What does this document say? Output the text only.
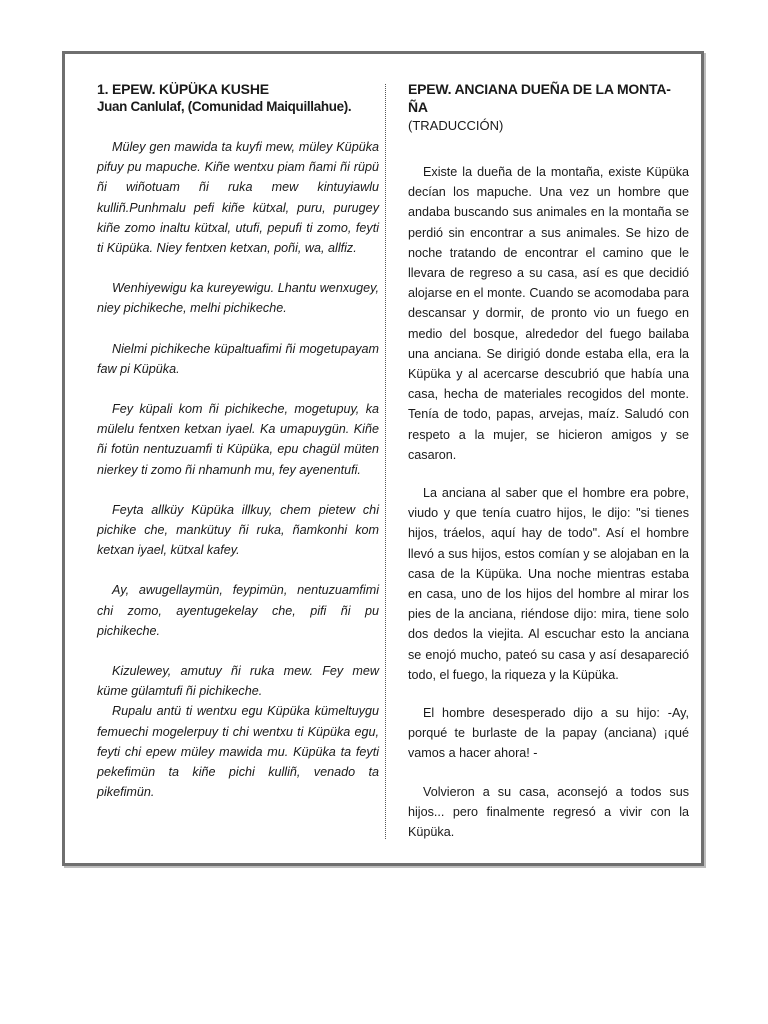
1. EPEW. KÜPÜKA KUSHE
Juan Canlulaf, (Comunidad Maiquillahue).

Müley gen mawida ta kuyfi mew, müley Küpüka pifuy pu mapuche. Kiñe wentxu piam ñami ñi rüpü ñi wiñotuam ñi ruka mew kintuyiawlu kulliñ.Punhmalu pefi kiñe kütxal, puru, purugey kiñe zomo inaltu kütxal, utufi, pepufi ti zomo, feyti ti Küpüka. Niey fentxen ketxan, poñi, wa, allfiz.

Wenhiyewigu ka kureyewigu. Lhantu wenxugey, niey pichikeche, melhi pichikeche.

Nielmi pichikeche küpaltuafimi ñi mogetupayam faw pi Küpüka.

Fey küpali kom ñi pichikeche, mogetupuy, ka mülelu fentxen ketxan iyael. Ka umapuygün. Kiñe ñi fotün nentuzuamfi ti Küpüka, epu chagül müten nierkey ti zomo ñi nhamunh mu, fey ayenentufi.

Feyta allküy Küpüka illkuy, chem pietew chi pichike che, mankütuy ñi ruka, ñamkonhi kom ketxan iyael, kütxal kafey.

Ay, awugellaymün, feypimün, nentuzuamfimi chi zomo, ayentugekelay che, pifi ñi pu pichikeche.

Kizulewey, amutuy ñi ruka mew. Fey mew küme gülamtufi ñi pichikeche.

Rupalu antü ti wentxu egu Küpüka kümeltuygu femuechi mogelerpuy ti chi wentxu ti Küpüka egu, feyti chi epew müley mawida mu. Küpüka ta feyti pekefimün ta kiñe pichi kulliñ, venado ta pikefimün.

EPEW. ANCIANA DUEÑA DE LA MONTA-ÑA
(TRADUCCIÓN)

Existe la dueña de la montaña, existe Küpüka decían los mapuche. Una vez un hombre que andaba buscando sus animales en la montaña se perdió sin encontrar a sus animales. Se hizo de noche tratando de encontrar el camino que le llevara de regreso a su casa, así es que decidió alojarse en el monte. Cuando se acomodaba para descansar y dormir, de pronto vio un fuego en medio del bosque, alrededor del fuego bailaba una anciana. Se dirigió donde estaba ella, era la Küpüka y al acercarse descubrió que había una casa, hecha de materiales recogidos del monte. Tenía de todo, papas, arvejas, maíz. Saludó con respeto a la mujer, se hicieron amigos y se casaron.

La anciana al saber que el hombre era pobre, viudo y que tenía cuatro hijos, le dijo: "si tienes hijos, tráelos, aquí hay de todo". Así el hombre llevó a sus hijos, estos comían y se alojaban en la casa de la Küpüka. Una noche mientras estaba en casa, uno de los hijos del hombre al mirar los pies de la anciana, riéndose dijo: mira, tiene solo dos dedos la viejita. Al escuchar esto la anciana se enojó mucho, pateó su casa y así desapareció todo, el fuego, la riqueza y la Küpüka.

El hombre desesperado dijo a su hijo: -Ay, porqué te burlaste de la papay (anciana) ¡qué vamos a hacer ahora! -

Volvieron a su casa, aconsejó a todos sus hijos... pero finalmente regresó a vivir con la Küpüka.
